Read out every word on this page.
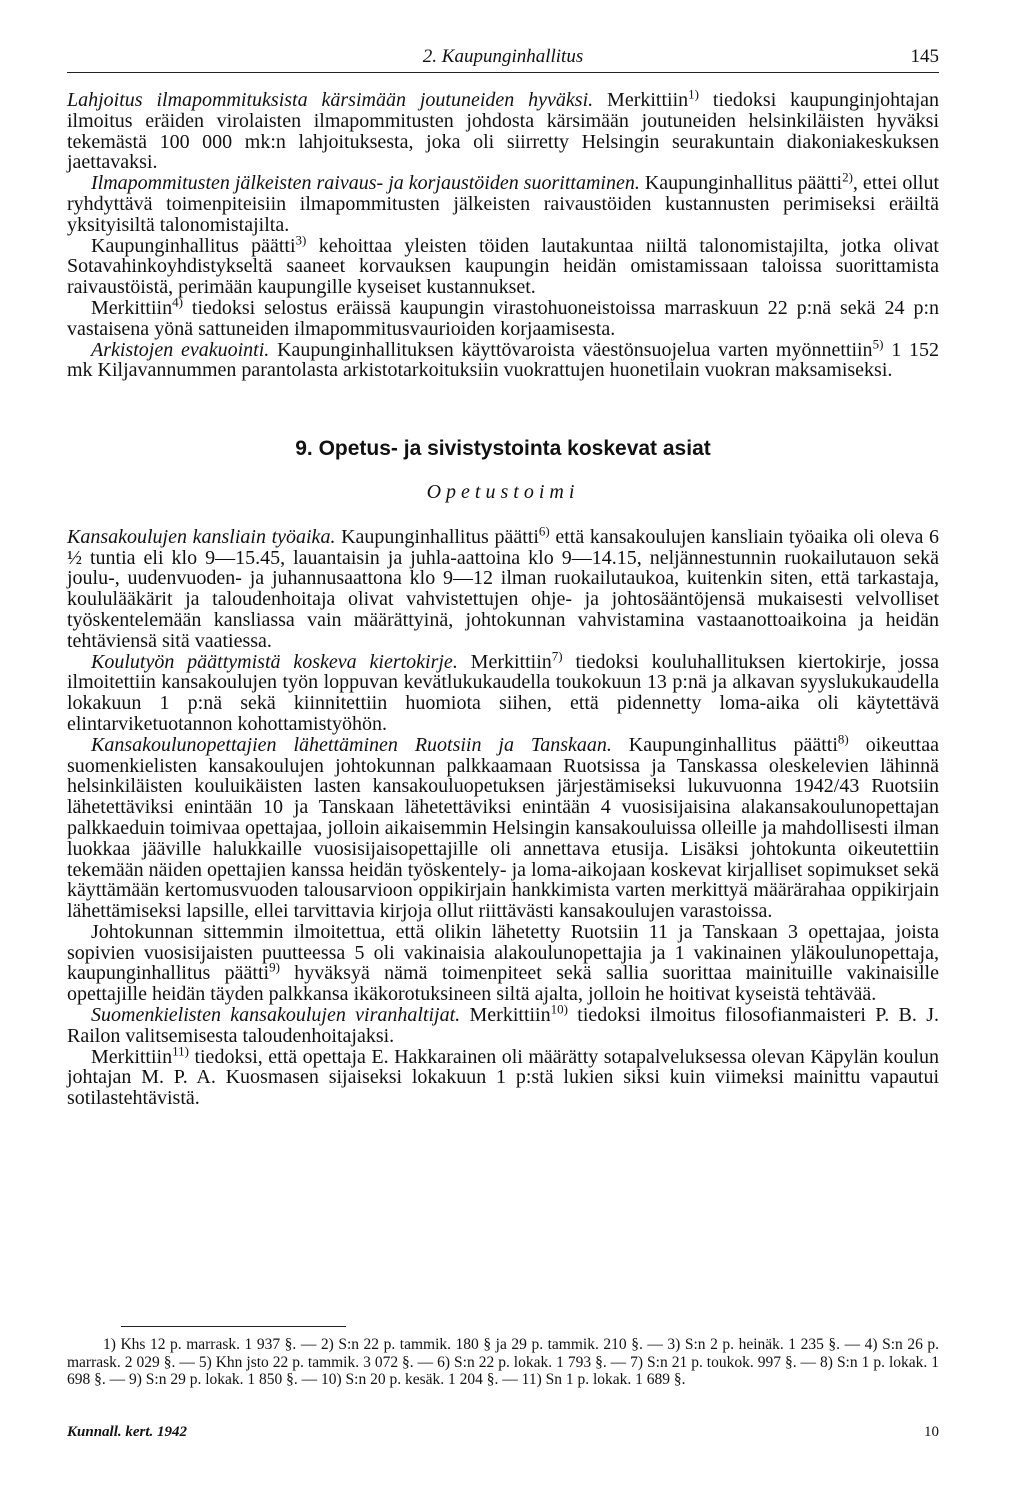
2. Kaupunginhallitus	145

Lahjoitus ilmapommituksista kärsimään joutuneiden hyväksi. Merkittiin$^{1)}$ tiedoksi kaupunginjohtajan ilmoitus eräiden virolaisten ilmapommitusten johdosta kärsimään joutuneiden helsinkiläisten hyväksi tekemästä 100 000 mk:n lahjoituksesta, joka oli siirretty Helsingin seurakuntain diakoniakeskuksen jaettavaksi.

Ilmapommitusten jälkeisten raivaus- ja korjaustöiden suorittaminen. Kaupunginhallitus päätti$^{2)}$, ettei ollut ryhdyttävä toimenpiteisiin ilmapommitusten jälkeisten raivaustöiden kustannusten perimiseksi eräiltä yksityisiltä talonomistajilta.

Kaupunginhallitus päätti$^{3)}$ kehoittaa yleisten töiden lautakuntaa niiltä talonomistajilta, jotka olivat Sotavahinkoyhdistykseltä saaneet korvauksen kaupungin heidän omistamissaan taloissa suorittamista raivaustöistä, perimään kaupungille kyseiset kustannukset.

Merkittiin$^{4)}$ tiedoksi selostus eräissä kaupungin virastohuoneistoissa marraskuun 22 p:nä sekä 24 p:n vastaisena yönä sattuneiden ilmapommitusvaurioiden korjaamisesta.

Arkistojen evakuointi. Kaupunginhallituksen käyttövaroista väestönsuojelua varten myönnettiin$^{5)}$ 1 152 mk Kiljavannummen parantolasta arkistotarkoituksiin vuokrattujen huonetilain vuokran maksamiseksi.

9. Opetus- ja sivistystointa koskevat asiat
Opetustoimi

Kansakoulujen kansliain työaika. Kaupunginhallitus päätti$^{6)}$ että kansakoulujen kansliain työaika oli oleva 6 ½ tuntia eli klo 9—15.45, lauantaisin ja juhla-aattoina klo 9—14.15, neljännestunnin ruokailutauon sekä joulu-, uudenvuoden- ja juhannusaattona klo 9—12 ilman ruokailutaukoa, kuitenkin siten, että tarkastaja, koululääkärit ja taloudenhoitaja olivat vahvistettujen ohje- ja johtosääntöjensä mukaisesti velvolliset työskentelemään kansliassa vain määrättyinä, johtokunnan vahvistamina vastaanottoaikoina ja heidän tehtäviensä sitä vaatiessa.

Koulutyön päättymistä koskeva kiertokirje. Merkittiin$^{7)}$ tiedoksi kouluhallituksen kiertokirje, jossa ilmoitettiin kansakoulujen työn loppuvan kevätlukukaudella toukokuun 13 p:nä ja alkavan syyslukukaudella lokakuun 1 p:nä sekä kiinnitettiin huomiota siihen, että pidennetty loma-aika oli käytettävä elintarviketuotannon kohottamistyöhön.

Kansakoulunopettajien lähettäminen Ruotsiin ja Tanskaan. Kaupunginhallitus päätti$^{8)}$ oikeuttaa suomenkielisten kansakoulujen johtokunnan palkkaamaan Ruotsissa ja Tanskassa oleskelevien lähinnä helsinkiläisten kouluikäisten lasten kansakouluopetuksen järjestämiseksi lukuvuonna 1942/43 Ruotsiin lähetettäviksi enintään 10 ja Tanskaan lähetettäviksi enintään 4 vuosisijaisina alakansakoulunopettajan palkkaeduin toimivaa opettajaa, jolloin aikaisemmin Helsingin kansakouluissa olleille ja mahdollisesti ilman luokkaa jääville halukkaille vuosisijaisopettajille oli annettava etusija. Lisäksi johtokunta oikeutettiin tekemään näiden opettajien kanssa heidän työskentely- ja loma-aikojaan koskevat kirjalliset sopimukset sekä käyttämään kertomusvuoden talousarvioon oppikirjain hankkimista varten merkittyä määrärahaa oppikirjain lähettämiseksi lapsille, ellei tarvittavia kirjoja ollut riittävästi kansakoulujen varastoissa.

Johtokunnan sittemmin ilmoitettua, että olikin lähetetty Ruotsiin 11 ja Tanskaan 3 opettajaa, joista sopivien vuosisijaisten puutteessa 5 oli vakinaisia alakoulunopettajia ja 1 vakinainen yläkoulunopettaja, kaupunginhallitus päätti$^{9)}$ hyväksyä nämä toimenpiteet sekä sallia suorittaa mainituille vakinaisille opettajille heidän täyden palkkansa ikäkorotuksineen siltä ajalta, jolloin he hoitivat kyseistä tehtävää.

Suomenkielisten kansakoulujen viranhaltijat. Merkittiin$^{10)}$ tiedoksi ilmoitus filosofianmaisteri P. B. J. Railon valitsemisesta taloudenhoitajaksi.

Merkittiin$^{11)}$ tiedoksi, että opettaja E. Hakkarainen oli määrätty sotapalveluksessa olevan Käpylän koulun johtajan M. P. A. Kuosmasen sijaiseksi lokakuun 1 p:stä lukien siksi kuin viimeksi mainittu vapautui sotilastehtävistä.

1) Khs 12 p. marrask. 1 937 §. — 2) S:n 22 p. tammik. 180 § ja 29 p. tammik. 210 §. — 3) S:n 2 p. heinäk. 1 235 §. — 4) S:n 26 p. marrask. 2 029 §. — 5) Khn jsto 22 p. tammik. 3 072 §. — 6) S:n 22 p. lokak. 1 793 §. — 7) S:n 21 p. toukok. 997 §. — 8) S:n 1 p. lokak. 1 698 §. — 9) S:n 29 p. lokak. 1 850 §. — 10) S:n 20 p. kesäk. 1 204 §. — 11) Sn 1 p. lokak. 1 689 §.

Kunnall. kert. 1942	10
